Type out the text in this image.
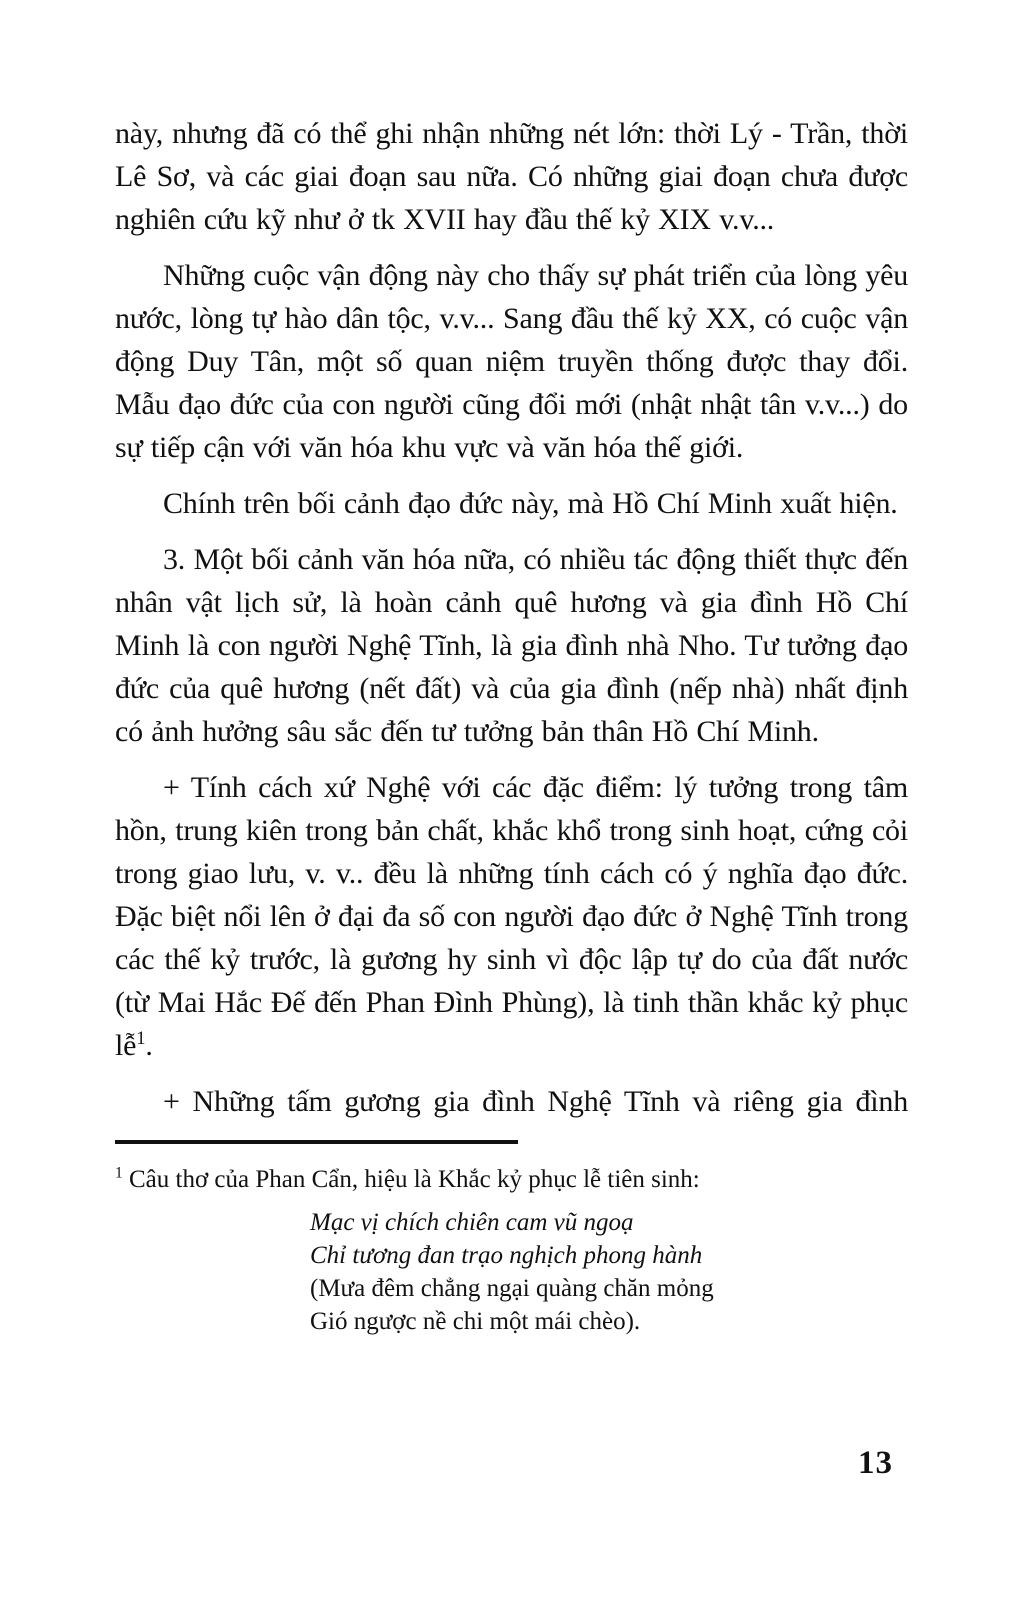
này, nhưng đã có thể ghi nhận những nét lớn: thời Lý - Trần, thời Lê Sơ, và các giai đoạn sau nữa. Có những giai đoạn chưa được nghiên cứu kỹ như ở tk XVII hay đầu thế kỷ XIX v.v...

Những cuộc vận động này cho thấy sự phát triển của lòng yêu nước, lòng tự hào dân tộc, v.v... Sang đầu thế kỷ XX, có cuộc vận động Duy Tân, một số quan niệm truyền thống được thay đổi. Mẫu đạo đức của con người cũng đổi mới (nhật nhật tân v.v...) do sự tiếp cận với văn hóa khu vực và văn hóa thế giới.

Chính trên bối cảnh đạo đức này, mà Hồ Chí Minh xuất hiện.

3. Một bối cảnh văn hóa nữa, có nhiều tác động thiết thực đến nhân vật lịch sử, là hoàn cảnh quê hương và gia đình Hồ Chí Minh là con người Nghệ Tĩnh, là gia đình nhà Nho. Tư tưởng đạo đức của quê hương (nết đất) và của gia đình (nếp nhà) nhất định có ảnh hưởng sâu sắc đến tư tưởng bản thân Hồ Chí Minh.

+ Tính cách xứ Nghệ với các đặc điểm: lý tưởng trong tâm hồn, trung kiên trong bản chất, khắc khổ trong sinh hoạt, cứng cỏi trong giao lưu, v. v.. đều là những tính cách có ý nghĩa đạo đức. Đặc biệt nổi lên ở đại đa số con người đạo đức ở Nghệ Tĩnh trong các thế kỷ trước, là gương hy sinh vì độc lập tự do của đất nước (từ Mai Hắc Đế đến Phan Đình Phùng), là tinh thần khắc kỷ phục lễ$^1$.

+ Những tấm gương gia đình Nghệ Tĩnh và riêng gia đình

$^1$ Câu thơ của Phan Cẩn, hiệu là Khắc kỷ phục lễ tiên sinh:

Mạc vị chích chiên cam vũ ngoạ

Chỉ tương đan trạo nghịch phong hành

(Mưa đêm chẳng ngại quàng chăn mỏng

Gió ngược nề chi một mái chèo).

13
